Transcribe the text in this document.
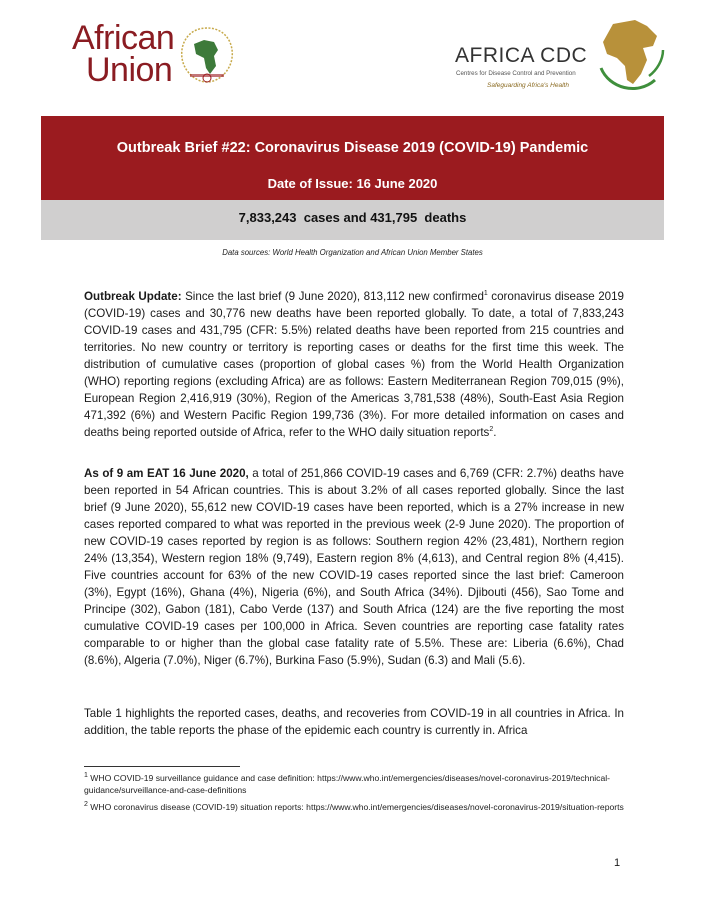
African
Union	AFRICA CDC
Centres for Disease Control and Prevention
Safeguarding Africa's Health
Outbreak Brief #22: Coronavirus Disease 2019 (COVID-19) Pandemic
Date of Issue: 16 June 2020
7,833,243  cases and 431,795  deaths
Data sources: World Health Organization and African Union Member States
Outbreak Update: Since the last brief (9 June 2020), 813,112 new confirmed$^1$ coronavirus disease 2019 (COVID-19) cases and 30,776 new deaths have been reported globally. To date, a total of 7,833,243 COVID-19 cases and 431,795 (CFR: 5.5%) related deaths have been reported from 215 countries and territories. No new country or territory is reporting cases or deaths for the first time this week. The distribution of cumulative cases (proportion of global cases %) from the World Health Organization (WHO) reporting regions (excluding Africa) are as follows: Eastern Mediterranean Region 709,015 (9%), European Region 2,416,919 (30%), Region of the Americas 3,781,538 (48%), South-East Asia Region 471,392 (6%) and Western Pacific Region 199,736 (3%). For more detailed information on cases and deaths being reported outside of Africa, refer to the WHO daily situation reports$^2$.
As of 9 am EAT 16 June 2020, a total of 251,866 COVID-19 cases and 6,769 (CFR: 2.7%) deaths have been reported in 54 African countries. This is about 3.2% of all cases reported globally. Since the last brief (9 June 2020), 55,612 new COVID-19 cases have been reported, which is a 27% increase in new cases reported compared to what was reported in the previous week (2-9 June 2020). The proportion of new COVID-19 cases reported by region is as follows: Southern region 42% (23,481), Northern region 24% (13,354), Western region 18% (9,749), Eastern region 8% (4,613), and Central region 8% (4,415). Five countries account for 63% of the new COVID-19 cases reported since the last brief: Cameroon (3%), Egypt (16%), Ghana (4%), Nigeria (6%), and South Africa (34%). Djibouti (456), Sao Tome and Principe (302), Gabon (181), Cabo Verde (137) and South Africa (124) are the five reporting the most cumulative COVID-19 cases per 100,000 in Africa. Seven countries are reporting case fatality rates comparable to or higher than the global case fatality rate of 5.5%. These are: Liberia (6.6%), Chad (8.6%), Algeria (7.0%), Niger (6.7%), Burkina Faso (5.9%), Sudan (6.3) and Mali (5.6).
Table 1 highlights the reported cases, deaths, and recoveries from COVID-19 in all countries in Africa. In addition, the table reports the phase of the epidemic each country is currently in. Africa
$^1$ WHO COVID-19 surveillance guidance and case definition: https://www.who.int/emergencies/diseases/novel-coronavirus-2019/technical-guidance/surveillance-and-case-definitions
$^2$ WHO coronavirus disease (COVID-19) situation reports: https://www.who.int/emergencies/diseases/novel-coronavirus-2019/situation-reports
1
